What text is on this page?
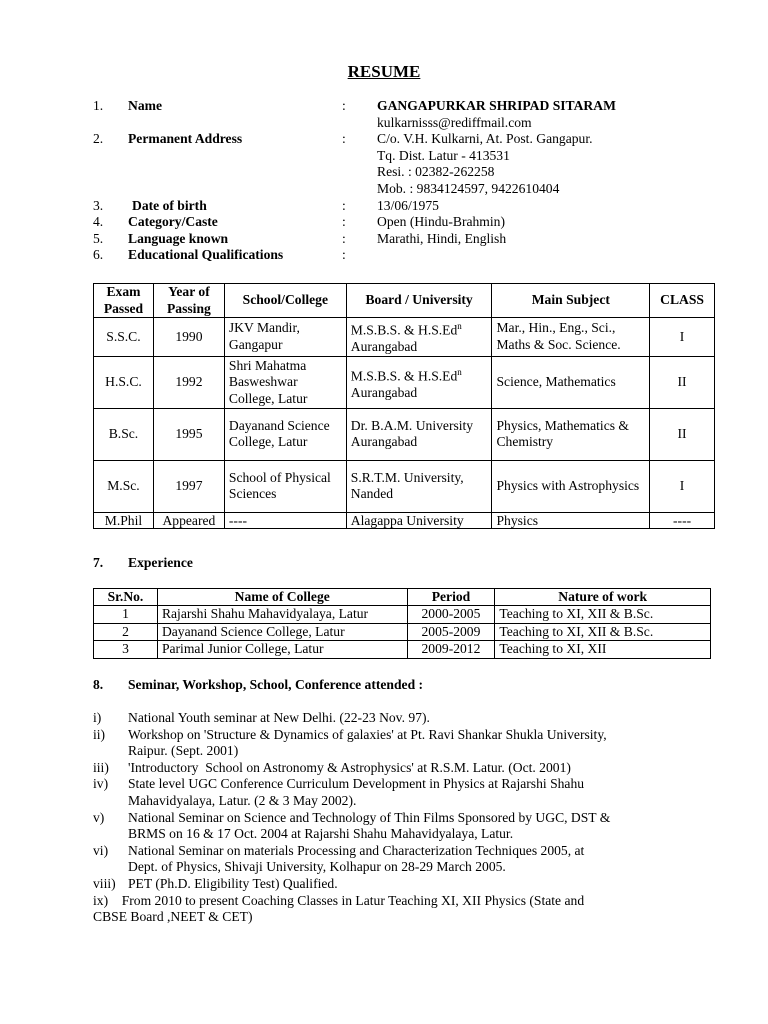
RESUME
1.	Name	:	GANGAPURKAR SHRIPAD SITARAM
kulkarnisss@rediffmail.com
2.	Permanent Address	:	C/o. V.H. Kulkarni, At. Post. Gangapur.
Tq. Dist. Latur - 413531
Resi. : 02382-262258
Mob. : 9834124597, 9422610404
3.	Date of birth	:	13/06/1975
4.	Category/Caste	:	Open (Hindu-Brahmin)
5.	Language known	:	Marathi, Hindi, English
6.	Educational Qualifications	:
Exam Passed	Year of Passing	School/College	Board / University	Main Subject	CLASS
S.S.C.	1990	JKV Mandir, Gangapur	M.S.B.S. & H.S.Ed$^n$ Aurangabad	Mar., Hin., Eng., Sci., Maths & Soc. Science.	I
H.S.C.	1992	Shri Mahatma Basweshwar College, Latur	M.S.B.S. & H.S.Ed$^n$ Aurangabad	Science, Mathematics	II
B.Sc.	1995	Dayanand Science College, Latur	Dr. B.A.M. University Aurangabad	Physics, Mathematics & Chemistry	II
M.Sc.	1997	School of Physical Sciences	S.R.T.M. University, Nanded	Physics with Astrophysics	I
M.Phil	Appeared	----	Alagappa University	Physics	----
7. Experience
Sr.No.	Name of College	Period	Nature of work
1	Rajarshi Shahu Mahavidyalaya, Latur	2000-2005	Teaching to XI, XII & B.Sc.
2	Dayanand Science College, Latur	2005-2009	Teaching to XI, XII & B.Sc.
3	Parimal Junior College, Latur	2009-2012	Teaching to XI, XII
8. Seminar, Workshop, School, Conference attended :
i)	National Youth seminar at New Delhi. (22-23 Nov. 97).
ii)	Workshop on 'Structure & Dynamics of galaxies' at Pt. Ravi Shankar Shukla University,
Raipur. (Sept. 2001)
iii)	'Introductory  School on Astronomy & Astrophysics' at R.S.M. Latur. (Oct. 2001)
iv)	State level UGC Conference Curriculum Development in Physics at Rajarshi Shahu
Mahavidyalaya, Latur. (2 & 3 May 2002).
v)	National Seminar on Science and Technology of Thin Films Sponsored by UGC, DST &
BRMS on 16 & 17 Oct. 2004 at Rajarshi Shahu Mahavidyalaya, Latur.
vi)	National Seminar on materials Processing and Characterization Techniques 2005, at
Dept. of Physics, Shivaji University, Kolhapur on 28-29 March 2005.
viii) PET (Ph.D. Eligibility Test) Qualified.
ix) From 2010 to present Coaching Classes in Latur Teaching XI, XII Physics (State and
CBSE Board ,NEET & CET)
